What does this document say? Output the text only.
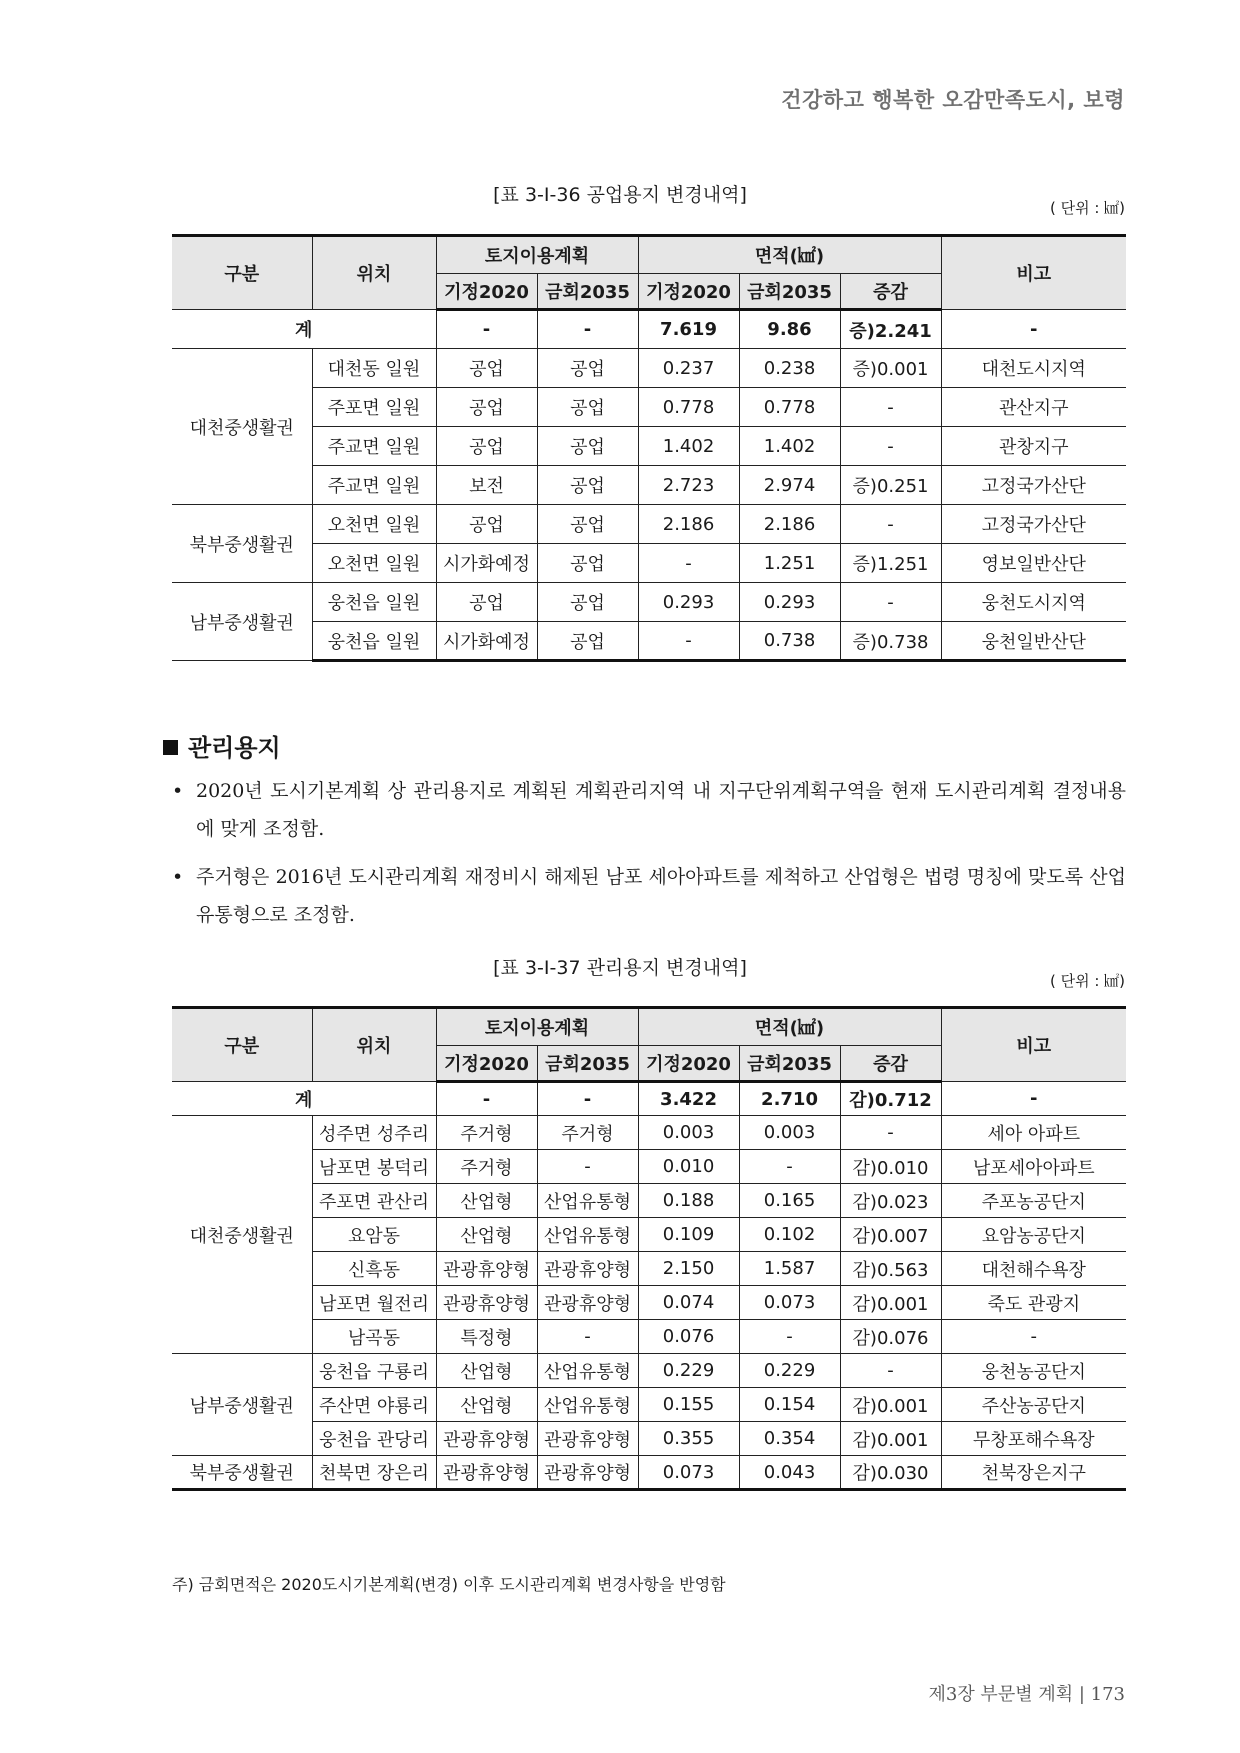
건강하고 행복한 오감만족도시, 보령
[표 3-Ⅰ-36 공업용지 변경내역]
( 단위 : ㎢)
구분	위치	토지이용계획		면적(㎢)			비고
		기정2020	금회2035	기정2020	금회2035	증감	
계		-	-	7.619	9.86	증)2.241	-
대천중생활권	대천동 일원	공업	공업	0.237	0.238	증)0.001	대천도시지역
	주포면 일원	공업	공업	0.778	0.778	-	관산지구
	주교면 일원	공업	공업	1.402	1.402	-	관창지구
	주교면 일원	보전	공업	2.723	2.974	증)0.251	고정국가산단
북부중생활권	오천면 일원	공업	공업	2.186	2.186	-	고정국가산단
	오천면 일원	시가화예정	공업	-	1.251	증)1.251	영보일반산단
남부중생활권	웅천읍 일원	공업	공업	0.293	0.293	-	웅천도시지역
	웅천읍 일원	시가화예정	공업	-	0.738	증)0.738	웅천일반산단
관리용지
• 2020년 도시기본계획 상 관리용지로 계획된 계획관리지역 내 지구단위계획구역을 현재 도시관리계획 결정내용에 맞게 조정함.
• 주거형은 2016년 도시관리계획 재정비시 해제된 남포 세아아파트를 제척하고 산업형은 법령 명칭에 맞도록 산업유통형으로 조정함.
[표 3-Ⅰ-37 관리용지 변경내역]
( 단위 : ㎢)
구분	위치	토지이용계획		면적(㎢)			비고
		기정2020	금회2035	기정2020	금회2035	증감	
계		-	-	3.422	2.710	감)0.712	-
대천중생활권	성주면 성주리	주거형	주거형	0.003	0.003	-	세아 아파트
	남포면 봉덕리	주거형	-	0.010	-	감)0.010	남포세아아파트
	주포면 관산리	산업형	산업유통형	0.188	0.165	감)0.023	주포농공단지
	요암동	산업형	산업유통형	0.109	0.102	감)0.007	요암농공단지
	신흑동	관광휴양형	관광휴양형	2.150	1.587	감)0.563	대천해수욕장
	남포면 월전리	관광휴양형	관광휴양형	0.074	0.073	감)0.001	죽도 관광지
	남곡동	특정형	-	0.076	-	감)0.076	-
남부중생활권	웅천읍 구룡리	산업형	산업유통형	0.229	0.229	-	웅천농공단지
	주산면 야룡리	산업형	산업유통형	0.155	0.154	감)0.001	주산농공단지
	웅천읍 관당리	관광휴양형	관광휴양형	0.355	0.354	감)0.001	무창포해수욕장
북부중생활권	천북면 장은리	관광휴양형	관광휴양형	0.073	0.043	감)0.030	천북장은지구
주) 금회면적은 2020도시기본계획(변경) 이후 도시관리계획 변경사항을 반영함
제3장 부문별 계획 | 173
